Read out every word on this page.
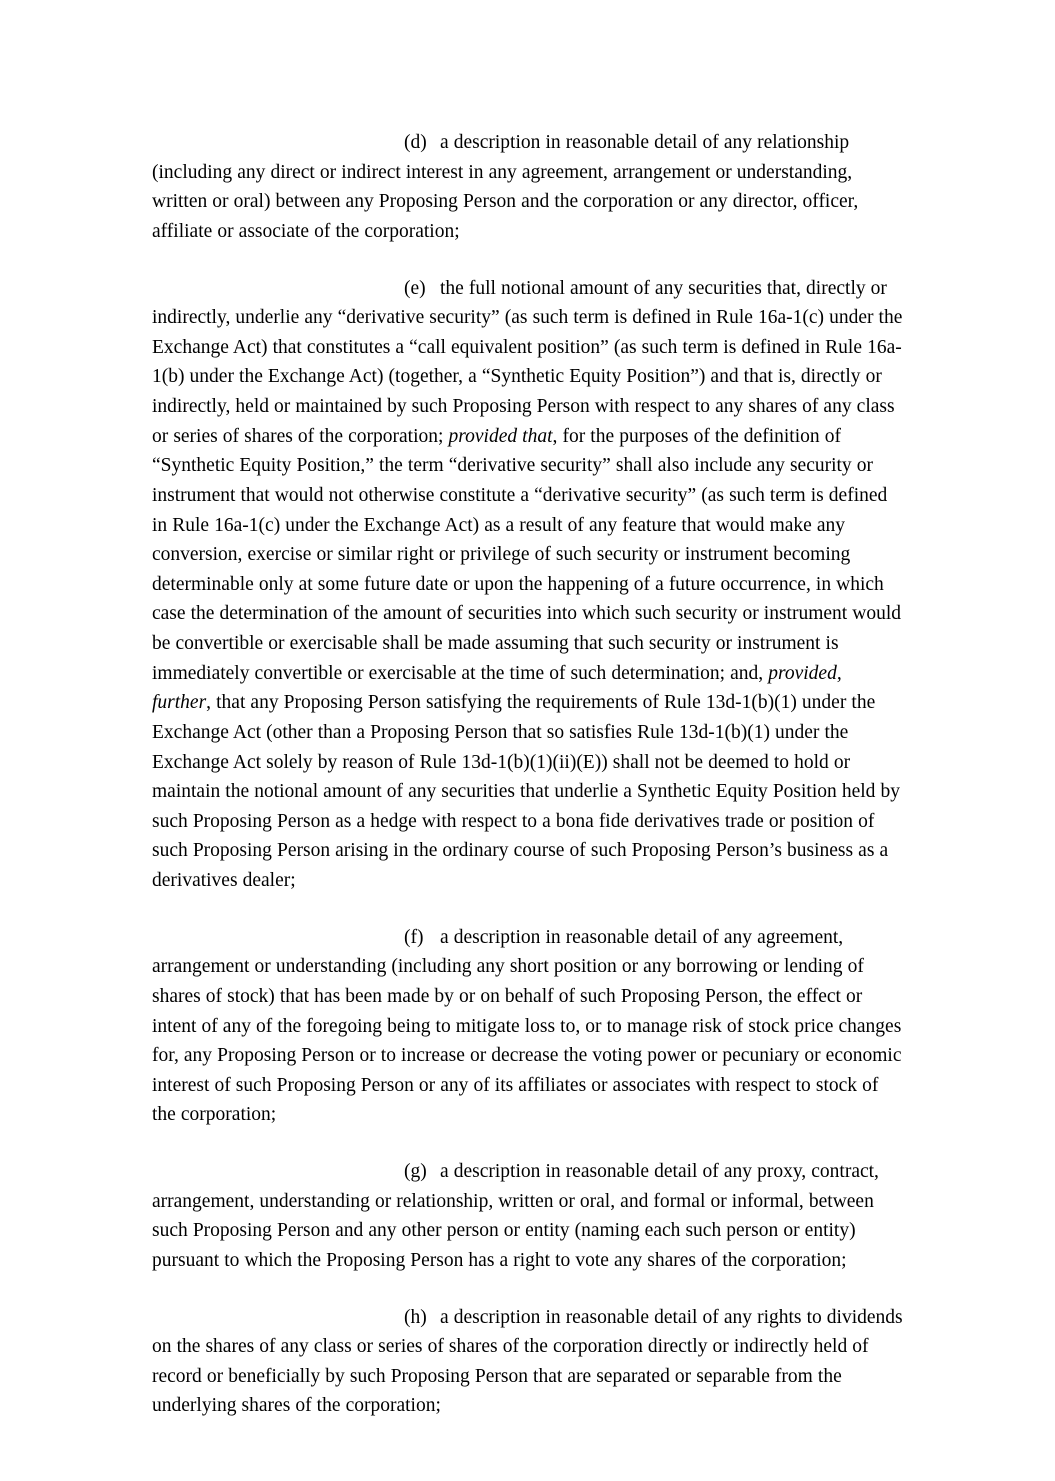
(d) a description in reasonable detail of any relationship (including any direct or indirect interest in any agreement, arrangement or understanding, written or oral) between any Proposing Person and the corporation or any director, officer, affiliate or associate of the corporation;
(e) the full notional amount of any securities that, directly or indirectly, underlie any “derivative security” (as such term is defined in Rule 16a-1(c) under the Exchange Act) that constitutes a “call equivalent position” (as such term is defined in Rule 16a-1(b) under the Exchange Act) (together, a “Synthetic Equity Position”) and that is, directly or indirectly, held or maintained by such Proposing Person with respect to any shares of any class or series of shares of the corporation; provided that, for the purposes of the definition of “Synthetic Equity Position,” the term “derivative security” shall also include any security or instrument that would not otherwise constitute a “derivative security” (as such term is defined in Rule 16a-1(c) under the Exchange Act) as a result of any feature that would make any conversion, exercise or similar right or privilege of such security or instrument becoming determinable only at some future date or upon the happening of a future occurrence, in which case the determination of the amount of securities into which such security or instrument would be convertible or exercisable shall be made assuming that such security or instrument is immediately convertible or exercisable at the time of such determination; and, provided, further, that any Proposing Person satisfying the requirements of Rule 13d-1(b)(1) under the Exchange Act (other than a Proposing Person that so satisfies Rule 13d-1(b)(1) under the Exchange Act solely by reason of Rule 13d-1(b)(1)(ii)(E)) shall not be deemed to hold or maintain the notional amount of any securities that underlie a Synthetic Equity Position held by such Proposing Person as a hedge with respect to a bona fide derivatives trade or position of such Proposing Person arising in the ordinary course of such Proposing Person’s business as a derivatives dealer;
(f) a description in reasonable detail of any agreement, arrangement or understanding (including any short position or any borrowing or lending of shares of stock) that has been made by or on behalf of such Proposing Person, the effect or intent of any of the foregoing being to mitigate loss to, or to manage risk of stock price changes for, any Proposing Person or to increase or decrease the voting power or pecuniary or economic interest of such Proposing Person or any of its affiliates or associates with respect to stock of the corporation;
(g) a description in reasonable detail of any proxy, contract, arrangement, understanding or relationship, written or oral, and formal or informal, between such Proposing Person and any other person or entity (naming each such person or entity) pursuant to which the Proposing Person has a right to vote any shares of the corporation;
(h) a description in reasonable detail of any rights to dividends on the shares of any class or series of shares of the corporation directly or indirectly held of record or beneficially by such Proposing Person that are separated or separable from the underlying shares of the corporation;
